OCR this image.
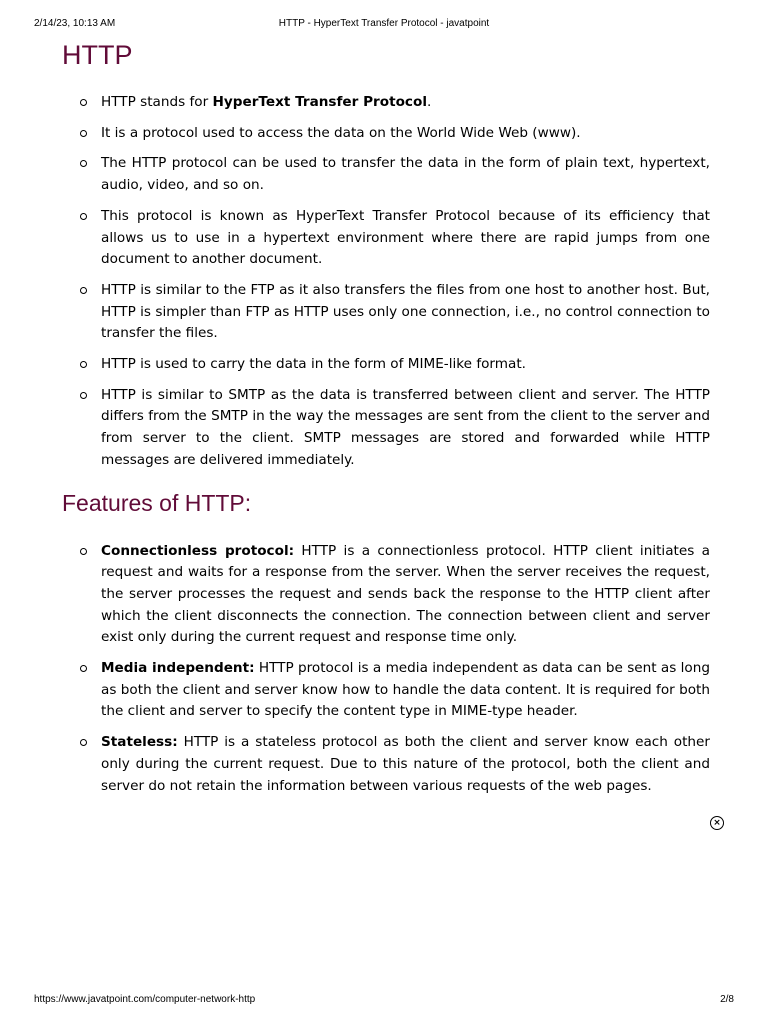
2/14/23, 10:13 AM	HTTP - HyperText Transfer Protocol - javatpoint
HTTP
HTTP stands for HyperText Transfer Protocol.
It is a protocol used to access the data on the World Wide Web (www).
The HTTP protocol can be used to transfer the data in the form of plain text, hypertext, audio, video, and so on.
This protocol is known as HyperText Transfer Protocol because of its efficiency that allows us to use in a hypertext environment where there are rapid jumps from one document to another document.
HTTP is similar to the FTP as it also transfers the files from one host to another host. But, HTTP is simpler than FTP as HTTP uses only one connection, i.e., no control connection to transfer the files.
HTTP is used to carry the data in the form of MIME-like format.
HTTP is similar to SMTP as the data is transferred between client and server. The HTTP differs from the SMTP in the way the messages are sent from the client to the server and from server to the client. SMTP messages are stored and forwarded while HTTP messages are delivered immediately.
Features of HTTP:
Connectionless protocol: HTTP is a connectionless protocol. HTTP client initiates a request and waits for a response from the server. When the server receives the request, the server processes the request and sends back the response to the HTTP client after which the client disconnects the connection. The connection between client and server exist only during the current request and response time only.
Media independent: HTTP protocol is a media independent as data can be sent as long as both the client and server know how to handle the data content. It is required for both the client and server to specify the content type in MIME-type header.
Stateless: HTTP is a stateless protocol as both the client and server know each other only during the current request. Due to this nature of the protocol, both the client and server do not retain the information between various requests of the web pages.
×
https://www.javatpoint.com/computer-network-http	2/8
